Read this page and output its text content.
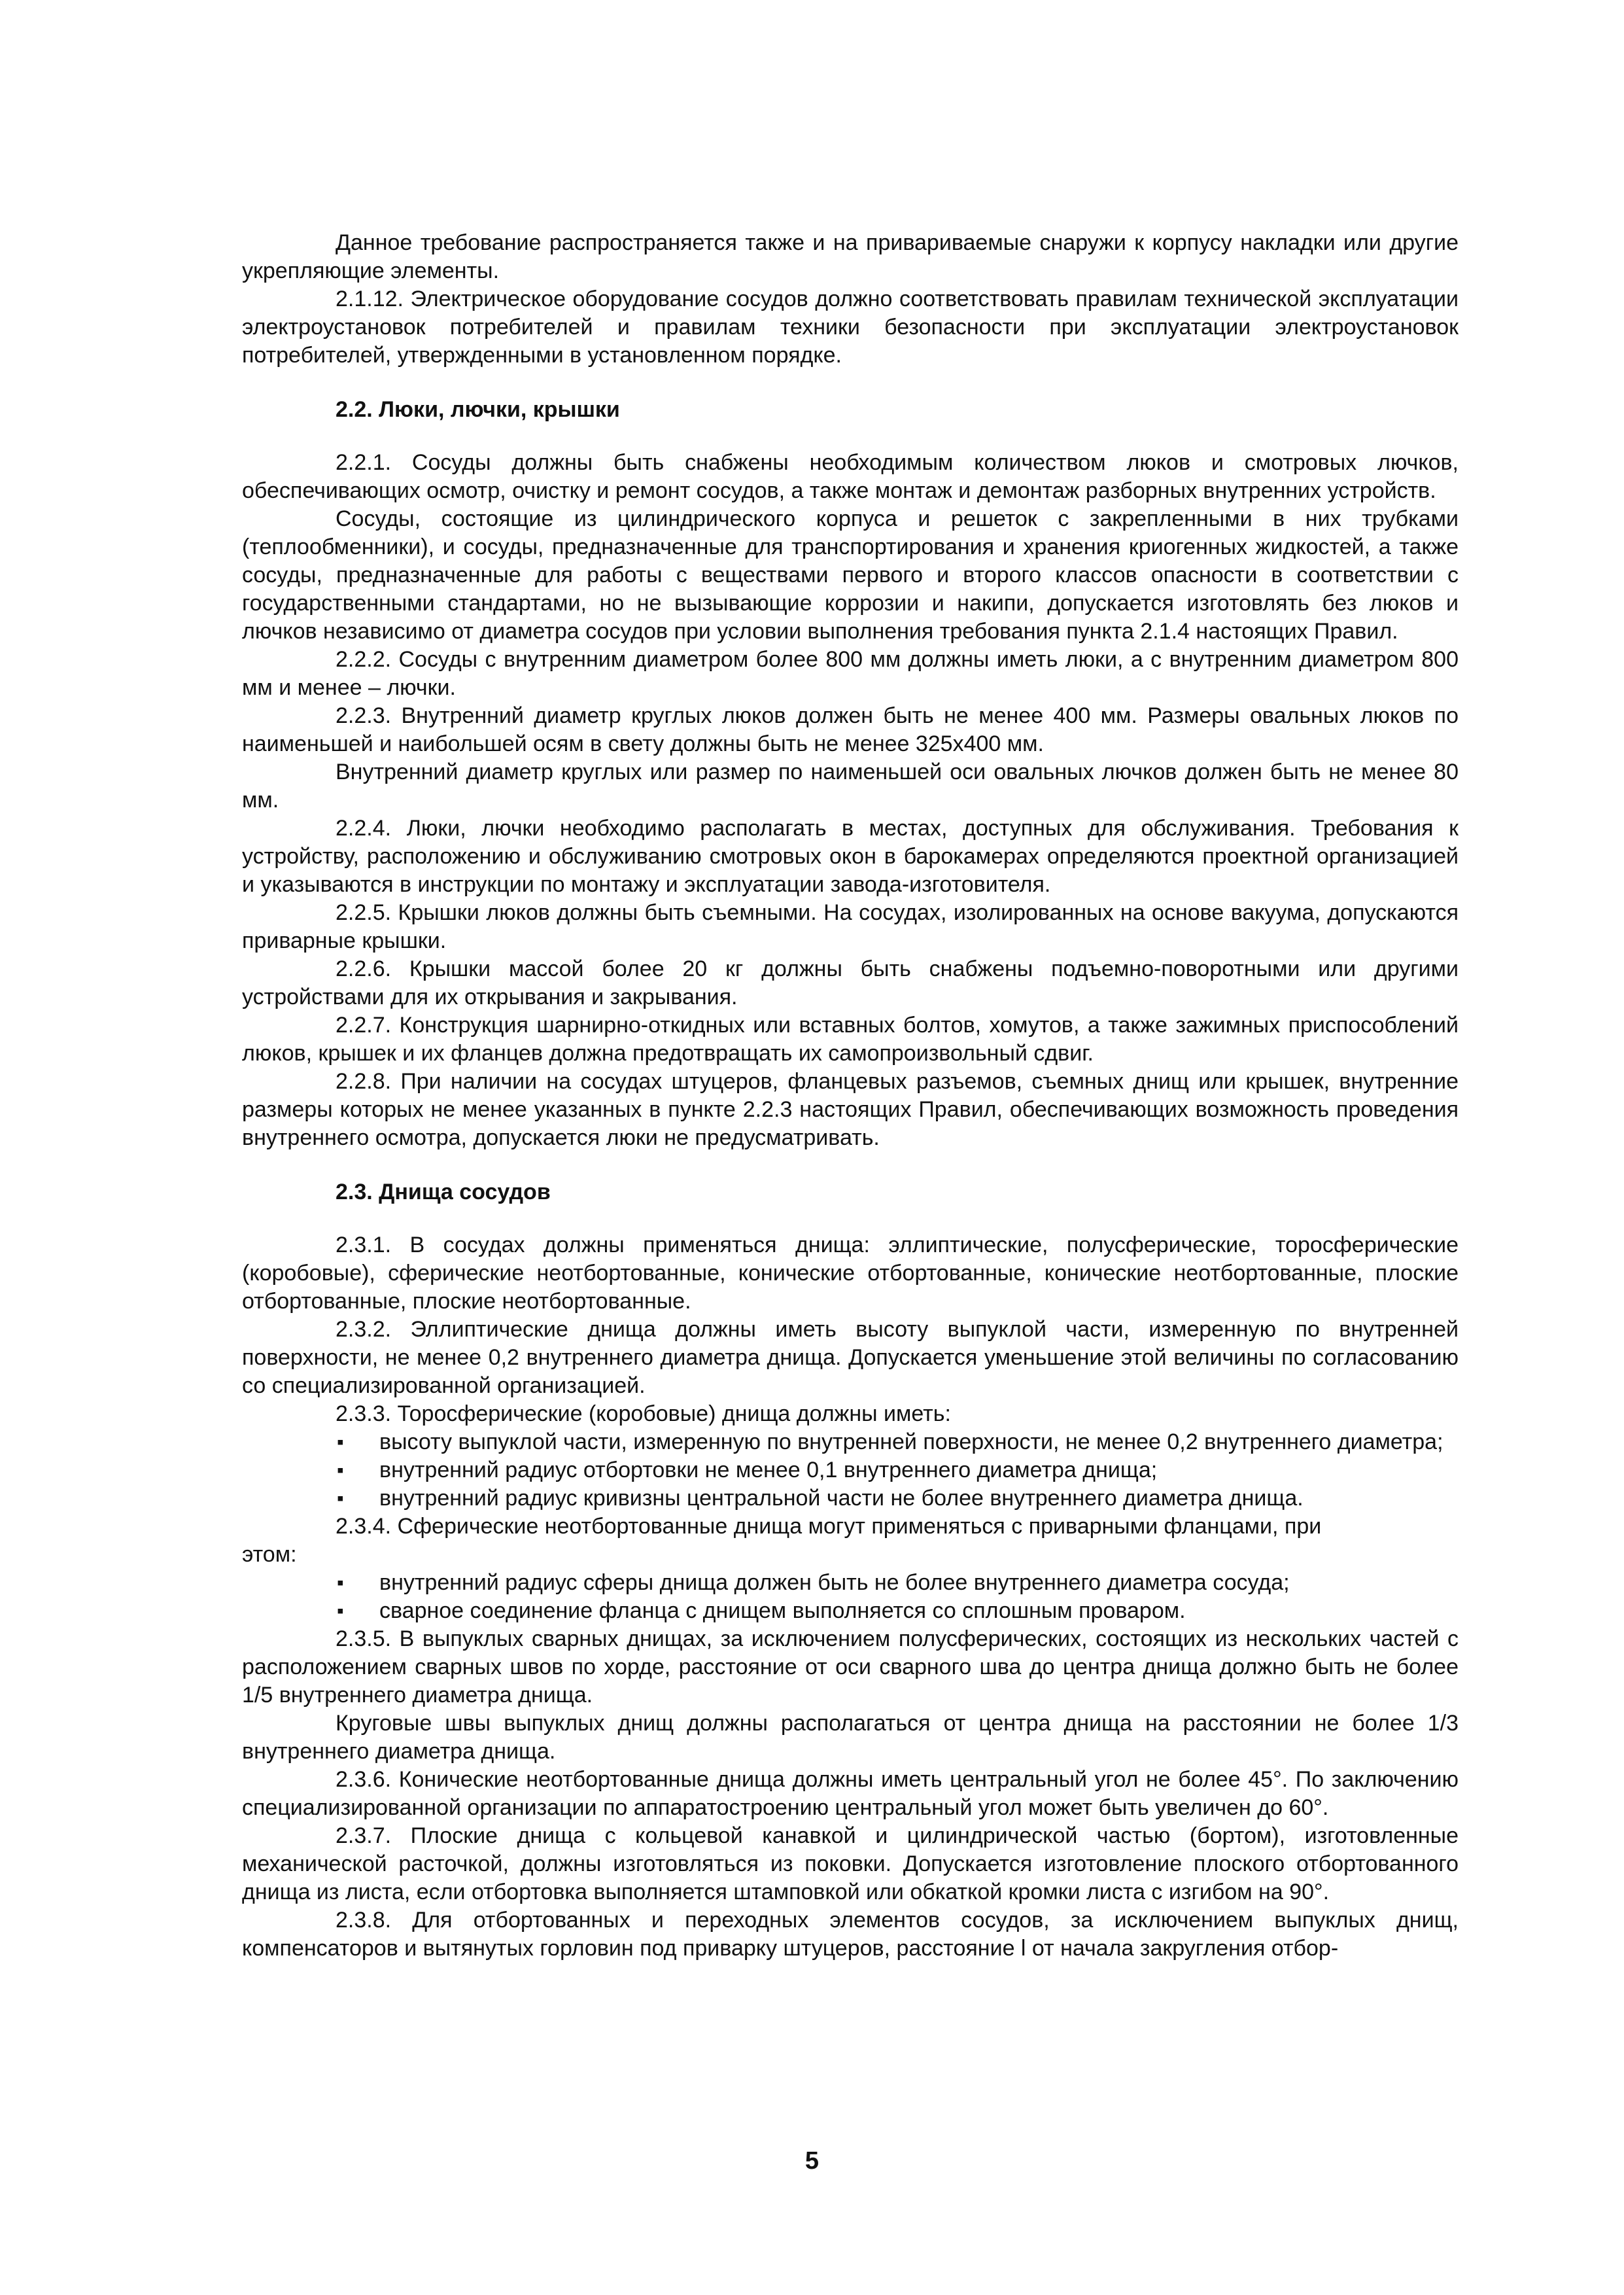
Данное требование распространяется также и на привариваемые снаружи к корпусу накладки или другие укрепляющие элементы.

2.1.12. Электрическое оборудование сосудов должно соответствовать правилам технической эксплуатации электроустановок потребителей и правилам техники безопасности при эксплуатации электроустановок потребителей, утвержденными в установленном порядке.

2.2. Люки, лючки, крышки

2.2.1. Сосуды должны быть снабжены необходимым количеством люков и смотровых лючков, обеспечивающих осмотр, очистку и ремонт сосудов, а также монтаж и демонтаж разборных внутренних устройств.

Сосуды, состоящие из цилиндрического корпуса и решеток с закрепленными в них трубками (теплообменники), и сосуды, предназначенные для транспортирования и хранения криогенных жидкостей, а также сосуды, предназначенные для работы с веществами первого и второго классов опасности в соответствии с государственными стандартами, но не вызывающие коррозии и накипи, допускается изготовлять без люков и лючков независимо от диаметра сосудов при условии выполнения требования пункта 2.1.4 настоящих Правил.

2.2.2. Сосуды с внутренним диаметром более 800 мм должны иметь люки, а с внутренним диаметром 800 мм и менее – лючки.

2.2.3. Внутренний диаметр круглых люков должен быть не менее 400 мм. Размеры овальных люков по наименьшей и наибольшей осям в свету должны быть не менее 325x400 мм.

Внутренний диаметр круглых или размер по наименьшей оси овальных лючков должен быть не менее 80 мм.

2.2.4. Люки, лючки необходимо располагать в местах, доступных для обслуживания. Требования к устройству, расположению и обслуживанию смотровых окон в барокамерах определяются проектной организацией и указываются в инструкции по монтажу и эксплуатации завода-изготовителя.

2.2.5. Крышки люков должны быть съемными. На сосудах, изолированных на основе вакуума, допускаются приварные крышки.

2.2.6. Крышки массой более 20 кг должны быть снабжены подъемно-поворотными или другими устройствами для их открывания и закрывания.

2.2.7. Конструкция шарнирно-откидных или вставных болтов, хомутов, а также зажимных приспособлений люков, крышек и их фланцев должна предотвращать их самопроизвольный сдвиг.

2.2.8. При наличии на сосудах штуцеров, фланцевых разъемов, съемных днищ или крышек, внутренние размеры которых не менее указанных в пункте 2.2.3 настоящих Правил, обеспечивающих возможность проведения внутреннего осмотра, допускается люки не предусматривать.

2.3. Днища сосудов

2.3.1. В сосудах должны применяться днища: эллиптические, полусферические, торосферические (коробовые), сферические неотбортованные, конические отбортованные, конические неотбортованные, плоские отбортованные, плоские неотбортованные.

2.3.2. Эллиптические днища должны иметь высоту выпуклой части, измеренную по внутренней поверхности, не менее 0,2 внутреннего диаметра днища. Допускается уменьшение этой величины по согласованию со специализированной организацией.

2.3.3. Торосферические (коробовые) днища должны иметь:

▪ высоту выпуклой части, измеренную по внутренней поверхности, не менее 0,2 внутреннего диаметра;
▪ внутренний радиус отбортовки не менее 0,1 внутреннего диаметра днища;
▪ внутренний радиус кривизны центральной части не более внутреннего диаметра днища.

2.3.4. Сферические неотбортованные днища могут применяться с приварными фланцами, при

этом:

▪ внутренний радиус сферы днища должен быть не более внутреннего диаметра сосуда;
▪ сварное соединение фланца с днищем выполняется со сплошным проваром.

2.3.5. В выпуклых сварных днищах, за исключением полусферических, состоящих из нескольких частей с расположением сварных швов по хорде, расстояние от оси сварного шва до центра днища должно быть не более 1/5 внутреннего диаметра днища.

Круговые швы выпуклых днищ должны располагаться от центра днища на расстоянии не более 1/3 внутреннего диаметра днища.

2.3.6. Конические неотбортованные днища должны иметь центральный угол не более 45°. По заключению специализированной организации по аппаратостроению центральный угол может быть увеличен до 60°.

2.3.7. Плоские днища с кольцевой канавкой и цилиндрической частью (бортом), изготовленные механической расточкой, должны изготовляться из поковки. Допускается изготовление плоского отбортованного днища из листа, если отбортовка выполняется штамповкой или обкаткой кромки листа с изгибом на 90°.

2.3.8. Для отбортованных и переходных элементов сосудов, за исключением выпуклых днищ, компенсаторов и вытянутых горловин под приварку штуцеров, расстояние l от начала закругления отбор-

5
